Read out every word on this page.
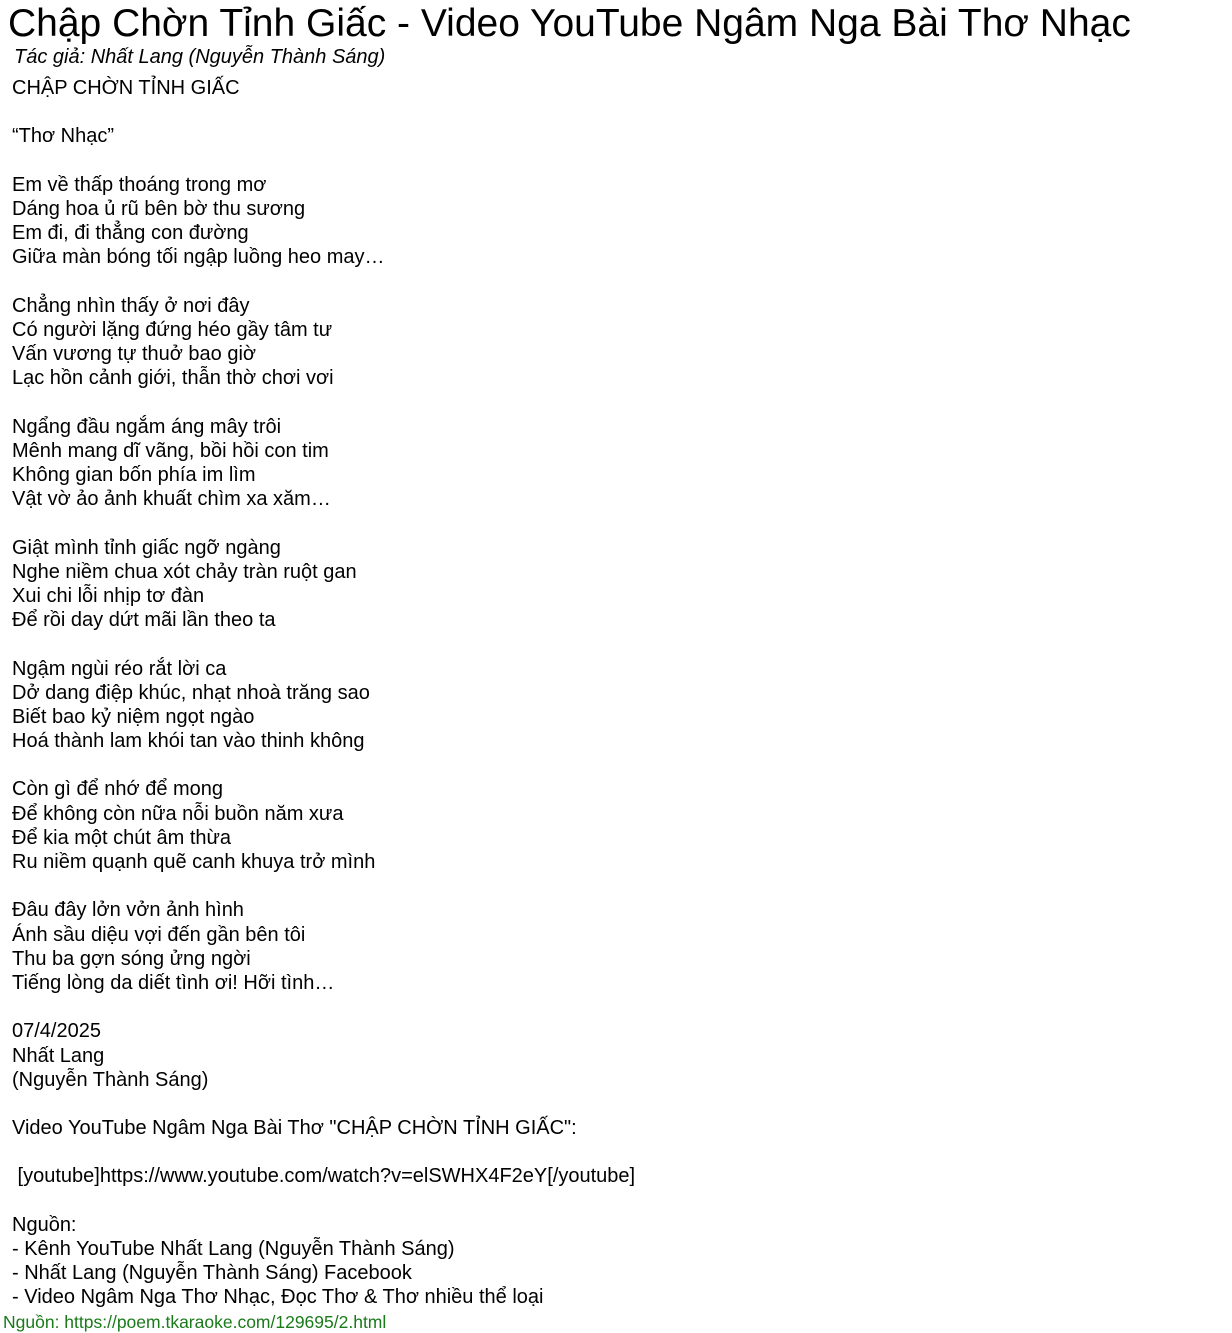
Chập Chờn Tỉnh Giấc - Video YouTube Ngâm Nga Bài Thơ Nhạc
Tác giả: Nhất Lang (Nguyễn Thành Sáng)
CHẬP CHỜN TỈNH GIẤC
“Thơ Nhạc”
Em về thấp thoáng trong mơ
Dáng hoa ủ rũ bên bờ thu sương
Em đi, đi thẳng con đường
Giữa màn bóng tối ngập luồng heo may…
Chẳng nhìn thấy ở nơi đây
Có người lặng đứng héo gầy tâm tư
Vấn vương tự thuở bao giờ
Lạc hồn cảnh giới, thẫn thờ chơi vơi
Ngẩng đầu ngắm áng mây trôi
Mênh mang dĩ vãng, bồi hồi con tim
Không gian bốn phía im lìm
Vật vờ ảo ảnh khuất chìm xa xăm…
Giật mình tỉnh giấc ngỡ ngàng
Nghe niềm chua xót chảy tràn ruột gan
Xui chi lỗi nhịp tơ đàn
Để rồi day dứt mãi lần theo ta
Ngậm ngùi réo rắt lời ca
Dở dang điệp khúc, nhạt nhoà trăng sao
Biết bao kỷ niệm ngọt ngào
Hoá thành lam khói tan vào thinh không
Còn gì để nhớ để mong
Để không còn nữa nỗi buồn năm xưa
Để kia một chút âm thừa
Ru niềm quạnh quẽ canh khuya trở mình
Đâu đây lởn vởn ảnh hình
Ánh sầu diệu vợi đến gần bên tôi
Thu ba gợn sóng ửng ngời
Tiếng lòng da diết tình ơi! Hỡi tình…
07/4/2025
Nhất Lang
(Nguyễn Thành Sáng)
Video YouTube Ngâm Nga Bài Thơ "CHẬP CHỜN TỈNH GIẤC":
[youtube]https://www.youtube.com/watch?v=elSWHX4F2eY[/youtube]
Nguồn:
- Kênh YouTube Nhất Lang (Nguyễn Thành Sáng)
- Nhất Lang (Nguyễn Thành Sáng) Facebook
- Video Ngâm Nga Thơ Nhạc, Đọc Thơ & Thơ nhiều thể loại
Nguồn: https://poem.tkaraoke.com/129695/2.html
